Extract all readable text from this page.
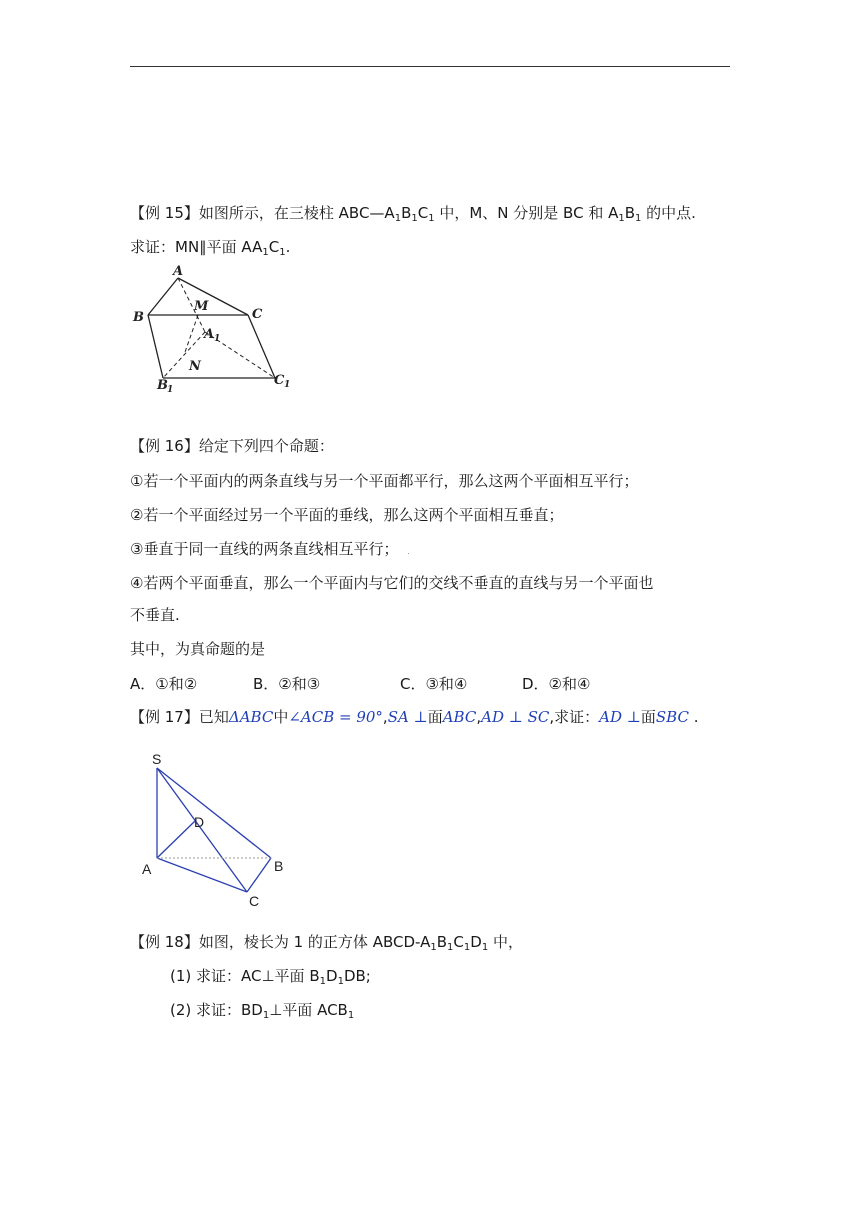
【例 15】如图所示，在三棱柱 $ABC—A_1B_1C_1$ 中，M、N 分别是 BC 和 $A_1B_1$ 的中点.
求证：MN∥平面 $AA_1C_1$.
A
B	C
M
N
A 1
B 1
C 1
【例 16】给定下列四个命题：
①若一个平面内的两条直线与另一个平面都平行，那么这两个平面相互平行；
②若一个平面经过另一个平面的垂线，那么这两个平面相互垂直；
③垂直于同一直线的两条直线相互平行； .
④若两个平面垂直，那么一个平面内与它们的交线不垂直的直线与另一个平面也
不垂直.
其中，为真命题的是
A．①和②	B．②和③	C．③和④	D．②和④
【例 17】已知ΔABC中∠ACB = 90°,SA ⊥面ABC,AD ⊥ SC,求证：AD ⊥面SBC .
S
D
A	B
C
【例 18】如图，棱长为 1 的正方体 ABCD-$A_1B_1C_1D_1$ 中，
(1) 求证：AC⊥平面 $B_1D_1DB$;
(2) 求证：$BD_1\perp$平面 $ACB_1$
